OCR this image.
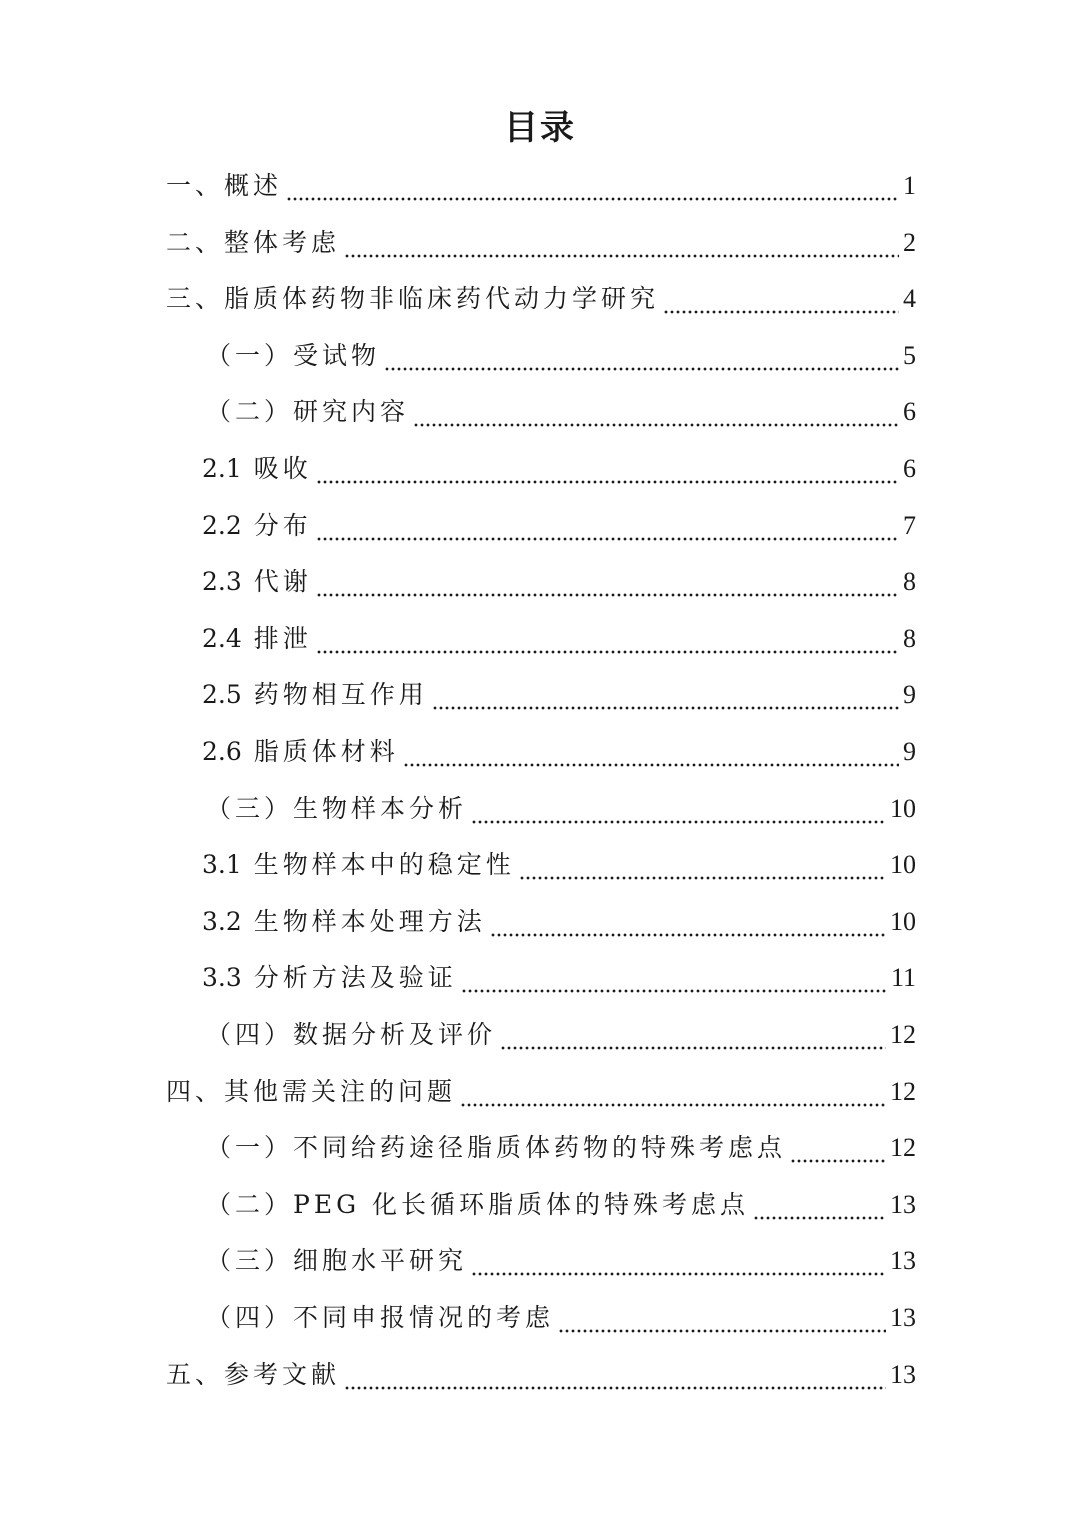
目录
一、概述	1
二、整体考虑	2
三、脂质体药物非临床药代动力学研究	4
（一）受试物	5
（二）研究内容	6
2.1 吸收	6
2.2 分布	7
2.3 代谢	8
2.4 排泄	8
2.5 药物相互作用	9
2.6 脂质体材料	9
（三）生物样本分析	10
3.1 生物样本中的稳定性	10
3.2 生物样本处理方法	10
3.3 分析方法及验证	11
（四）数据分析及评价	12
四、其他需关注的问题	12
（一）不同给药途径脂质体药物的特殊考虑点	12
（二）PEG 化长循环脂质体的特殊考虑点	13
（三）细胞水平研究	13
（四）不同申报情况的考虑	13
五、参考文献	13
